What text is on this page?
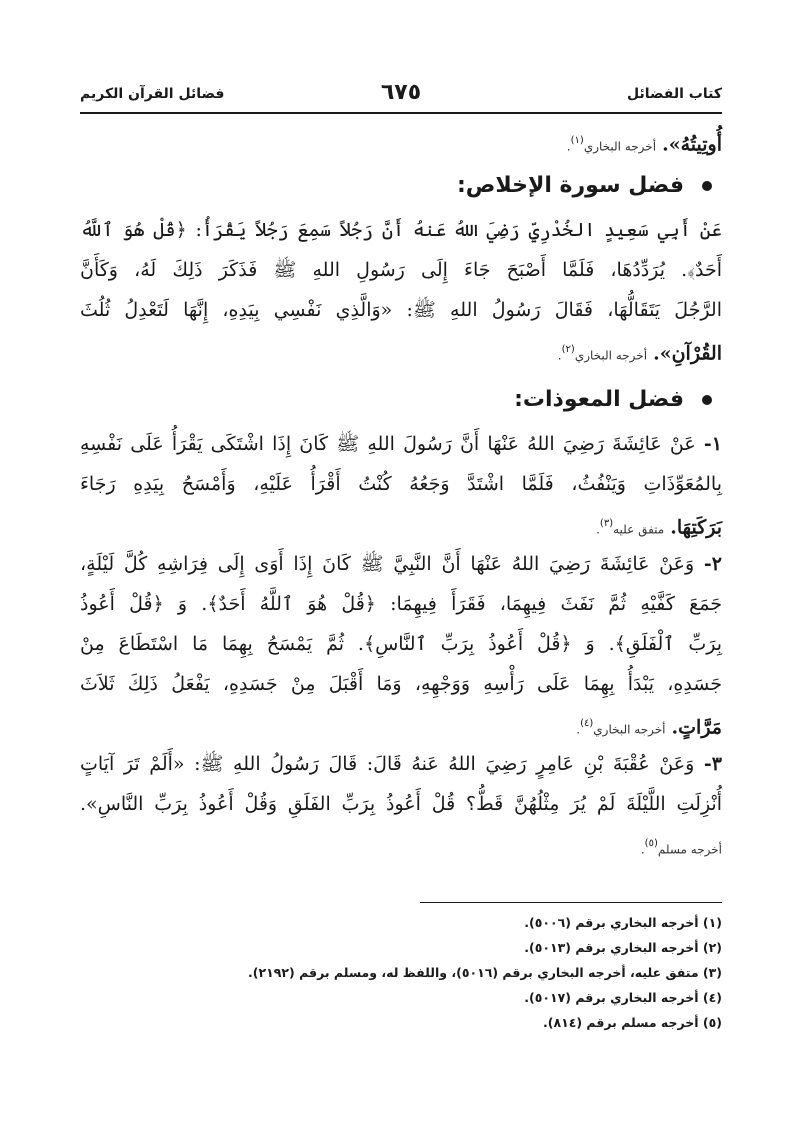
كتاب الفضائل
٦٧٥
فضائل القرآن الكريم
أُوتِيتُهُ». أخرجه البخاري$^{(١)}$.
فضل سورة الإخلاص:
عَنْ أَبِي سَعِيدٍ الخُدْرِيِّ رَضِيَ اللهُ عَنهُ أَنَّ رَجُلاً سَمِعَ رَجُلاً يَقْرَأُ: ﴿قُلْ هُوَ ٱللَّهُ
أَحَدٌ﴾. يُرَدِّدُهَا، فَلَمَّا أَصْبَحَ جَاءَ إِلَى رَسُولِ اللهِ ﷺ فَذَكَرَ ذَلِكَ لَهُ، وَكَأَنَّ
الرَّجُلَ يَتَقَالُّهَا، فَقَالَ رَسُولُ اللهِ ﷺ: «وَالَّذِي نَفْسِي بِيَدِهِ، إِنَّهَا لَتَعْدِلُ ثُلُثَ
القُرْآنِ». أخرجه البخاري$^{(٢)}$.
فضل المعوذات:
١- عَنْ عَائِشَةَ رَضِيَ اللهُ عَنْهَا أَنَّ رَسُولَ اللهِ ﷺ كَانَ إِذَا اشْتَكَى يَقْرَأُ عَلَى نَفْسِهِ
بِالمُعَوِّذَاتِ وَيَنْفُثُ، فَلَمَّا اشْتَدَّ وَجَعُهُ كُنْتُ أَقْرَأُ عَلَيْهِ، وَأَمْسَحُ بِيَدِهِ رَجَاءَ
بَرَكَتِهَا. متفق عليه$^{(٣)}$.
٢- وَعَنْ عَائِشَةَ رَضِيَ اللهُ عَنْهَا أَنَّ النَّبِيَّ ﷺ كَانَ إِذَا أَوَى إِلَى فِرَاشِهِ كُلَّ لَيْلَةٍ،
جَمَعَ كَفَّيْهِ ثُمَّ نَفَثَ فِيهِمَا، فَقَرَأَ فِيهِمَا: ﴿قُلْ هُوَ ٱللَّهُ أَحَدٌ﴾. وَ ﴿قُلْ أَعُوذُ
بِرَبِّ ٱلْفَلَقِ﴾. وَ ﴿قُلْ أَعُوذُ بِرَبِّ ٱلنَّاسِ﴾. ثُمَّ يَمْسَحُ بِهِمَا مَا اسْتَطَاعَ مِنْ
جَسَدِهِ، يَبْدَأُ بِهِمَا عَلَى رَأْسِهِ وَوَجْهِهِ، وَمَا أَقْبَلَ مِنْ جَسَدِهِ، يَفْعَلُ ذَلِكَ ثَلاَثَ
مَرَّاتٍ. أخرجه البخاري$^{(٤)}$.
٣- وَعَنْ عُقْبَةَ بْنِ عَامِرٍ رَضِيَ اللهُ عَنهُ قَالَ: قَالَ رَسُولُ اللهِ ﷺ: «أَلَمْ تَرَ آيَاتٍ
أُنْزِلَتِ اللَّيْلَةَ لَمْ يُرَ مِثْلُهُنَّ قَطُّ؟ قُلْ أَعُوذُ بِرَبِّ الفَلَقِ وَقُلْ أَعُوذُ بِرَبِّ النَّاسِ».
أخرجه مسلم$^{(٥)}$.
(١) أخرجه البخاري برقم (٥٠٠٦).
(٢) أخرجه البخاري برقم (٥٠١٣).
(٣) متفق عليه، أخرجه البخاري برقم (٥٠١٦)، واللفظ له، ومسلم برقم (٢١٩٢).
(٤) أخرجه البخاري برقم (٥٠١٧).
(٥) أخرجه مسلم برقم (٨١٤).
